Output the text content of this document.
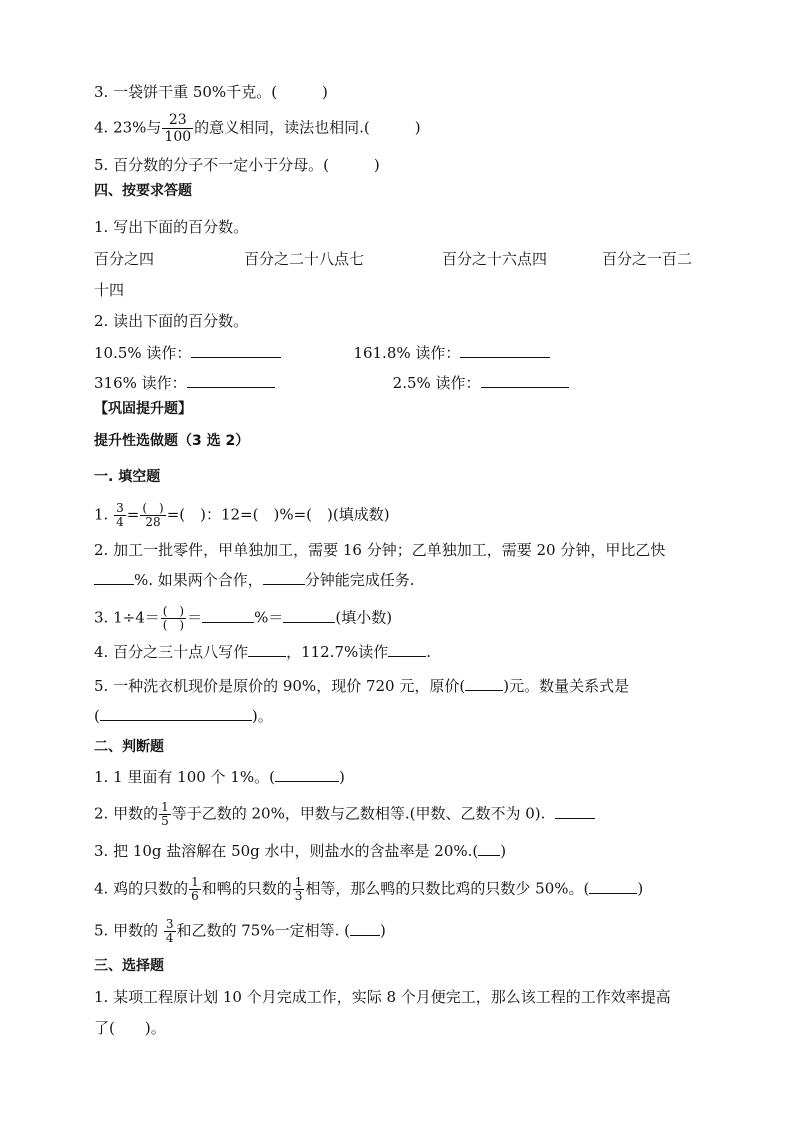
3. 一袋饼干重 50%千克。(　　　)
4. 23%与 $\frac{23}{100}$ 的意义相同，读法也相同.(　　　)
5. 百分数的分子不一定小于分母。(　　　)
四、按要求答题
1. 写出下面的百分数。
百分之四	百分之二十八点七	百分之十六点四	百分之一百二
十四
2. 读出下面的百分数。
10.5% 读作：	161.8% 读作：
316% 读作：	2.5% 读作：
【巩固提升题】
提升性选做题（3 选 2）
一. 填空题
1. $\frac{3}{4} = \frac{( )}{28}$ =(　)：12=(　)%=(　)(填成数)
2. 加工一批零件，甲单独加工，需要 16 分钟；乙单独加工，需要 20 分钟，甲比乙快
%. 如果两个合作，	分钟能完成任务.
3. $1\div 4= \frac{( )}{( )}$ ＝	%＝	(填小数)
4. 百分之三十点八写作	，112.7%读作	.
5. 一种洗衣机现价是原价的 90%，现价 720 元，原价(	)元。数量关系式是
(	)。
二、判断题
1. 1 里面有 100 个 1%。(	)
2. 甲数的 $\frac{1}{5}$ 等于乙数的 20%，甲数与乙数相等.(甲数、乙数不为 0).
3. 把 10g 盐溶解在 50g 水中，则盐水的含盐率是 20%.( )
4. 鸡的只数的 $\frac{1}{6}$ 和鸭的只数的 $\frac{1}{3}$ 相等，那么鸭的只数比鸡的只数少 50%。(	)
5. 甲数的 $\frac{3}{4}$ 和乙数的 75%一定相等. ( )
三、选择题
1. 某项工程原计划 10 个月完成工作，实际 8 个月便完工，那么该工程的工作效率提高
了(　　)。
